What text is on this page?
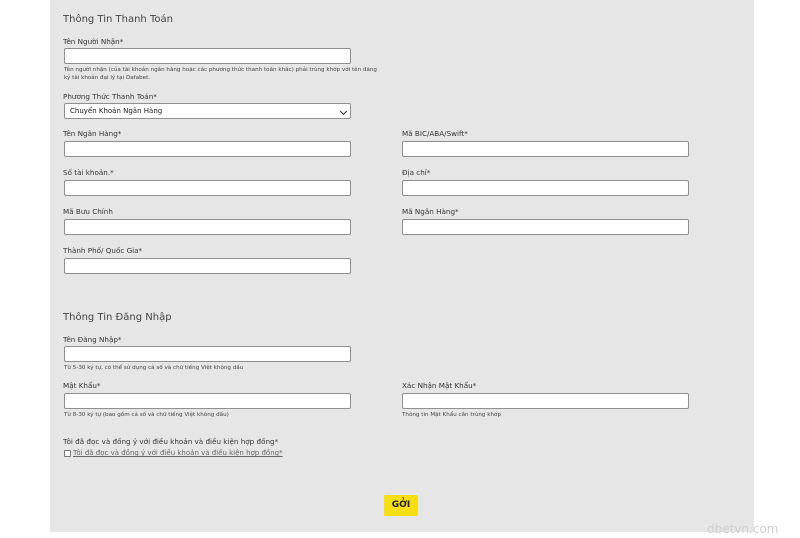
Thông Tin Thanh Toán
Tên Người Nhận*
Tên người nhận (của tài khoản ngân hàng hoặc các phương thức thanh toán khác) phải trùng khớp với tên đăng
ký tài khoản đại lý tại Dafabet.
Phương Thức Thanh Toán*
Chuyển Khoản Ngân Hàng
Tên Ngân Hàng*	Mã BIC/ABA/Swift*
Số tài khoản.*	Địa chỉ*
Mã Bưu Chính	Mã Ngân Hàng*
Thành Phố/ Quốc Gia*
Thông Tin Đăng Nhập
Tên Đăng Nhập*
Từ 5-30 ký tự, có thể sử dụng cả số và chữ tiếng Việt không dấu
Mật Khẩu*
Từ 8-30 ký tự (bao gồm cả số và chữ tiếng Việt không dấu)
Xác Nhận Mật Khẩu*
Thông tin Mật Khẩu cần trùng khớp
Tôi đã đọc và đồng ý với điều khoản và điều kiện hợp đồng*
Tôi đã đọc và đồng ý với điều khoản và điều kiện hợp đồng*
GỞI
dbetvn.com
